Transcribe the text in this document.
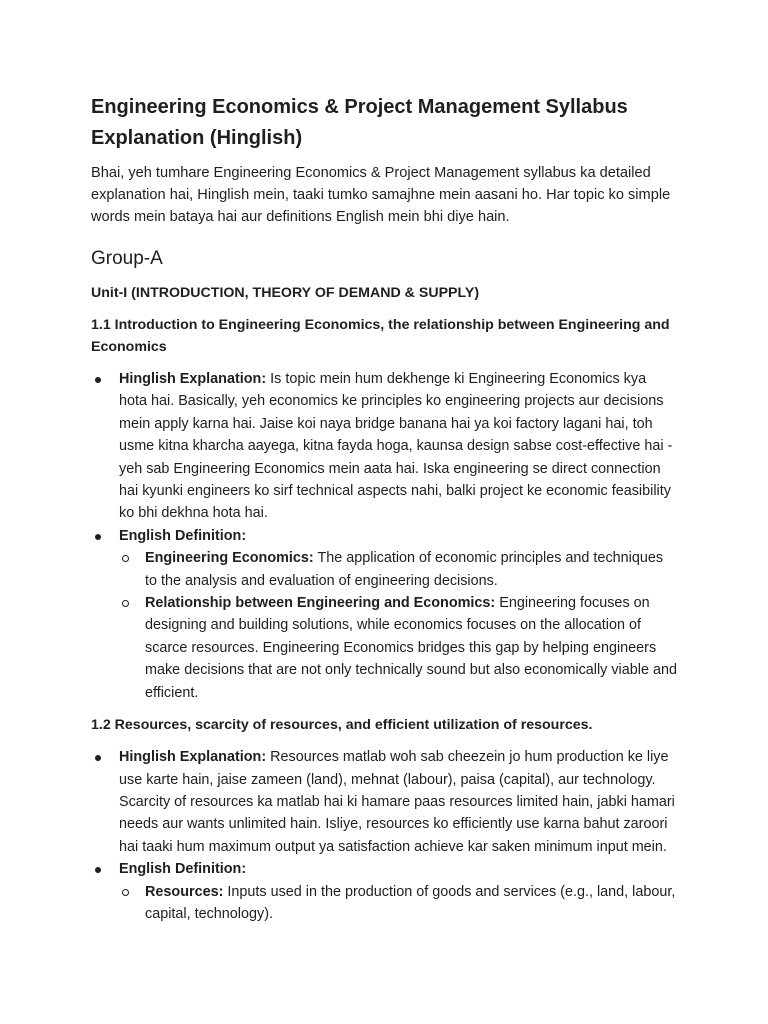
Engineering Economics & Project Management Syllabus Explanation (Hinglish)

Bhai, yeh tumhare Engineering Economics & Project Management syllabus ka detailed explanation hai, Hinglish mein, taaki tumko samajhne mein aasani ho. Har topic ko simple words mein bataya hai aur definitions English mein bhi diye hain.

Group-A
Unit-I (INTRODUCTION, THEORY OF DEMAND & SUPPLY)
1.1 Introduction to Engineering Economics, the relationship between Engineering and Economics
Hinglish Explanation: Is topic mein hum dekhenge ki Engineering Economics kya hota hai. Basically, yeh economics ke principles ko engineering projects aur decisions mein apply karna hai. Jaise koi naya bridge banana hai ya koi factory lagani hai, toh usme kitna kharcha aayega, kitna fayda hoga, kaunsa design sabse cost-effective hai - yeh sab Engineering Economics mein aata hai. Iska engineering se direct connection hai kyunki engineers ko sirf technical aspects nahi, balki project ke economic feasibility ko bhi dekhna hota hai.
English Definition:
Engineering Economics: The application of economic principles and techniques to the analysis and evaluation of engineering decisions.
Relationship between Engineering and Economics: Engineering focuses on designing and building solutions, while economics focuses on the allocation of scarce resources. Engineering Economics bridges this gap by helping engineers make decisions that are not only technically sound but also economically viable and efficient.
1.2 Resources, scarcity of resources, and efficient utilization of resources.
Hinglish Explanation: Resources matlab woh sab cheezein jo hum production ke liye use karte hain, jaise zameen (land), mehnat (labour), paisa (capital), aur technology. Scarcity of resources ka matlab hai ki hamare paas resources limited hain, jabki hamari needs aur wants unlimited hain. Isliye, resources ko efficiently use karna bahut zaroori hai taaki hum maximum output ya satisfaction achieve kar saken minimum input mein.
English Definition:
Resources: Inputs used in the production of goods and services (e.g., land, labour, capital, technology).
